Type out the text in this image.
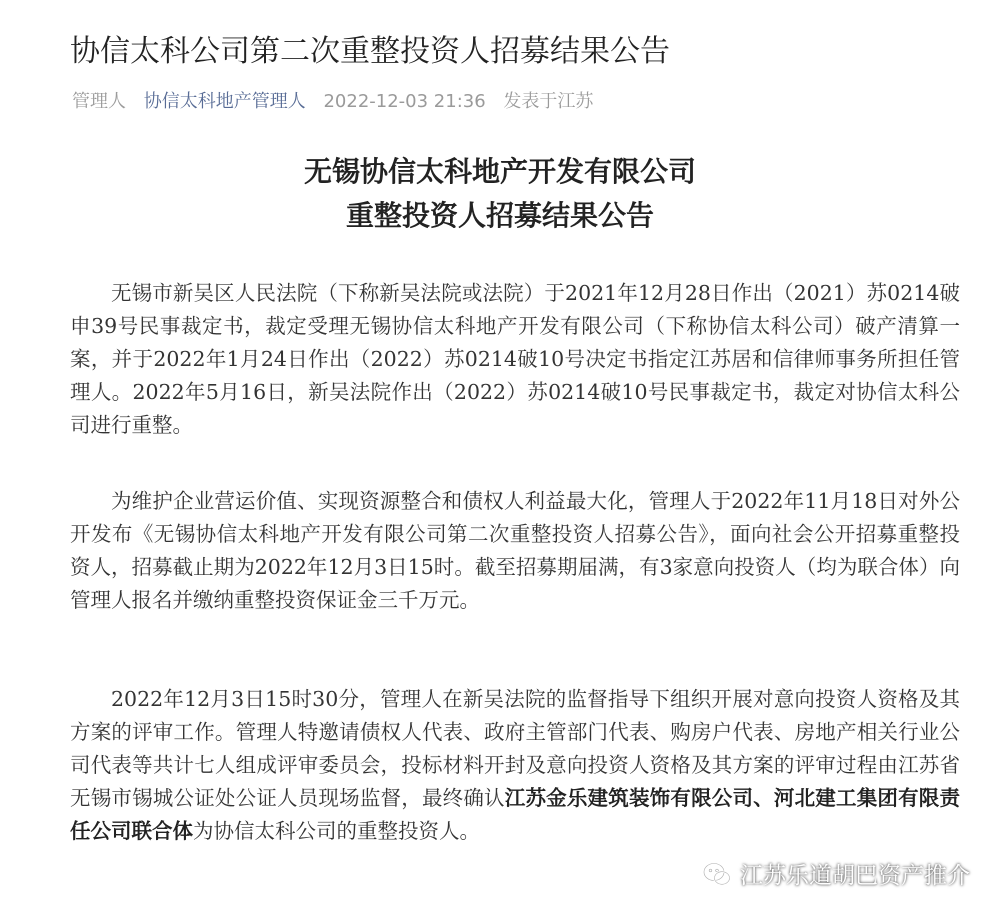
协信太科公司第二次重整投资人招募结果公告
管理人 协信太科地产管理人 2022-12-03 21:36 发表于江苏
无锡协信太科地产开发有限公司
重整投资人招募结果公告

无锡市新吴区人民法院（下称新吴法院或法院）于2021年12月28日作出（2021）苏0214破申39号民事裁定书，裁定受理无锡协信太科地产开发有限公司（下称协信太科公司）破产清算一案，并于2022年1月24日作出（2022）苏0214破10号决定书指定江苏居和信律师事务所担任管理人。2022年5月16日，新吴法院作出（2022）苏0214破10号民事裁定书，裁定对协信太科公司进行重整。

为维护企业营运价值、实现资源整合和债权人利益最大化，管理人于2022年11月18日对外公开发布《无锡协信太科地产开发有限公司第二次重整投资人招募公告》，面向社会公开招募重整投资人，招募截止期为2022年12月3日15时。截至招募期届满，有3家意向投资人（均为联合体）向管理人报名并缴纳重整投资保证金三千万元。

2022年12月3日15时30分，管理人在新吴法院的监督指导下组织开展对意向投资人资格及其方案的评审工作。管理人特邀请债权人代表、政府主管部门代表、购房户代表、房地产相关行业公司代表等共计七人组成评审委员会，投标材料开封及意向投资人资格及其方案的评审过程由江苏省无锡市锡城公证处公证人员现场监督，最终确认江苏金乐建筑装饰有限公司、河北建工集团有限责任公司联合体为协信太科公司的重整投资人。

江苏乐道胡巴资产推介
